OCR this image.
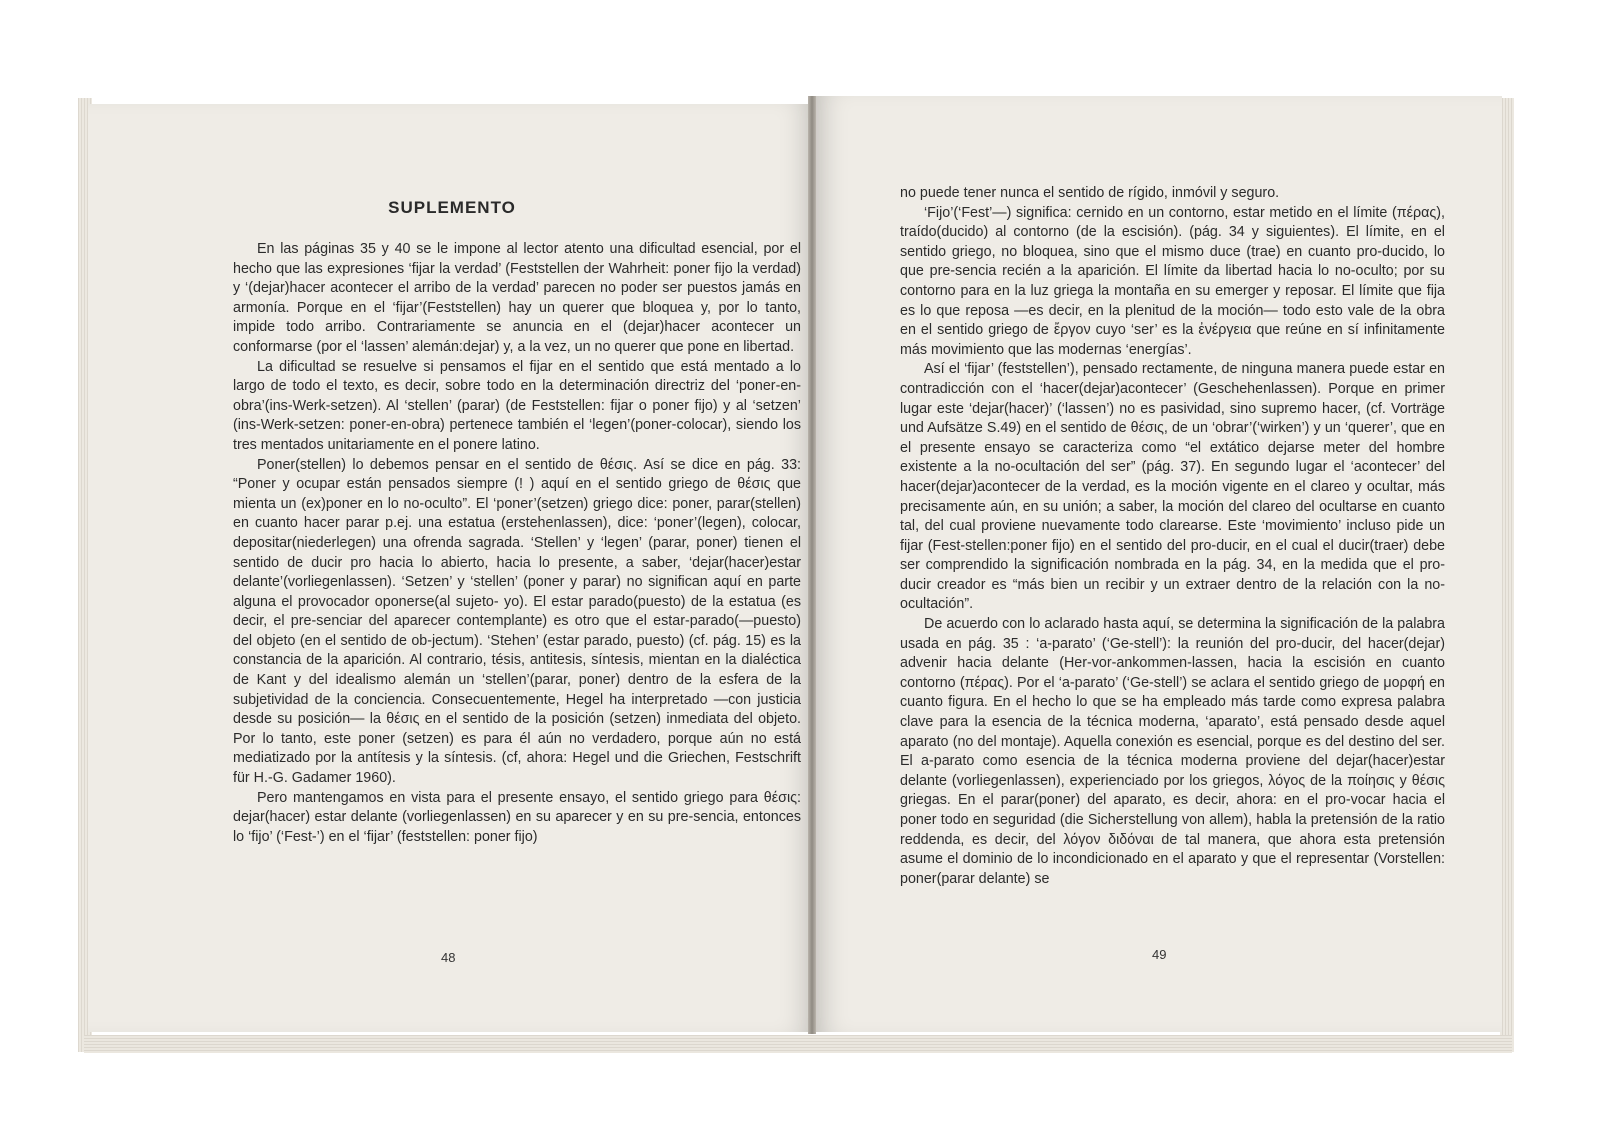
SUPLEMENTO

En las páginas 35 y 40 se le impone al lector atento una dificultad esencial, por el hecho que las expresiones ‘fijar la verdad’ (Feststellen der Wahrheit: poner fijo la verdad) y ‘(dejar)hacer acontecer el arribo de la verdad’ parecen no poder ser puestos jamás en armonía. Porque en el ‘fijar’(Feststellen) hay un querer que bloquea y, por lo tanto, impide todo arribo. Contrariamente se anuncia en el (dejar)hacer acontecer un conformarse (por el ‘lassen’ alemán:dejar) y, a la vez, un no querer que pone en libertad.

La dificultad se resuelve si pensamos el fijar en el sentido que está mentado a lo largo de todo el texto, es decir, sobre todo en la determinación directriz del ‘poner-en-obra’(ins-Werk-setzen). Al ‘stellen’ (parar) (de Feststellen: fijar o poner fijo) y al ‘setzen’ (ins-Werk-setzen: poner-en-obra) pertenece también el ‘legen’(poner-colocar), siendo los tres mentados unitariamente en el ponere latino.

Poner(stellen) lo debemos pensar en el sentido de θέσις. Así se dice en pág. 33: “Poner y ocupar están pensados siempre (! ) aquí en el sentido griego de θέσις que mienta un (ex)poner en lo no-oculto”. El ‘poner’(setzen) griego dice: poner, parar(stellen) en cuanto hacer parar p.ej. una estatua (erstehenlassen), dice: ‘poner’(legen), colocar, depositar(niederlegen) una ofrenda sagrada. ‘Stellen’ y ‘legen’ (parar, poner) tienen el sentido de ducir pro hacia lo abierto, hacia lo presente, a saber, ‘dejar(hacer)estar delante’(vorliegenlassen). ‘Setzen’ y ‘stellen’ (poner y parar) no significan aquí en parte alguna el provocador oponerse(al sujeto- yo). El estar parado(puesto) de la estatua (es decir, el pre-senciar del aparecer contemplante) es otro que el estar-parado(—puesto) del objeto (en el sentido de ob-jectum). ‘Stehen’ (estar parado, puesto) (cf. pág. 15) es la constancia de la aparición. Al contrario, tésis, antitesis, síntesis, mientan en la dialéctica de Kant y del idealismo alemán un ‘stellen’(parar, poner) dentro de la esfera de la subjetividad de la conciencia. Consecuentemente, Hegel ha interpretado —con justicia desde su posición— la θέσις en el sentido de la posición (setzen) inmediata del objeto. Por lo tanto, este poner (setzen) es para él aún no verdadero, porque aún no está mediatizado por la antítesis y la síntesis. (cf, ahora: Hegel und die Griechen, Festschrift für H.-G. Gadamer 1960).

Pero mantengamos en vista para el presente ensayo, el sentido griego para θέσις: dejar(hacer) estar delante (vorliegenlassen) en su aparecer y en su pre-sencia, entonces lo ‘fijo’ (‘Fest-’) en el ‘fijar’ (feststellen: poner fijo)

48

no puede tener nunca el sentido de rígido, inmóvil y seguro.

‘Fijo’(‘Fest’—) significa: cernido en un contorno, estar metido en el límite (πέρας), traído(ducido) al contorno (de la escisión). (pág. 34 y siguientes). El límite, en el sentido griego, no bloquea, sino que el mismo duce (trae) en cuanto pro-ducido, lo que pre-sencia recién a la aparición. El límite da libertad hacia lo no-oculto; por su contorno para en la luz griega la montaña en su emerger y reposar. El límite que fija es lo que reposa —es decir, en la plenitud de la moción— todo esto vale de la obra en el sentido griego de ἔργον cuyo ‘ser’ es la ἐνέργεια que reúne en sí infinitamente más movimiento que las modernas ‘energías’.

Así el ‘fijar’ (feststellen’), pensado rectamente, de ninguna manera puede estar en contradicción con el ‘hacer(dejar)acontecer’ (Geschehenlassen). Porque en primer lugar este ‘dejar(hacer)’ (‘lassen’) no es pasividad, sino supremo hacer, (cf. Vorträge und Aufsätze S.49) en el sentido de θέσις, de un ‘obrar’(‘wirken’) y un ‘querer’, que en el presente ensayo se caracteriza como “el extático dejarse meter del hombre existente a la no-ocultación del ser” (pág. 37). En segundo lugar el ‘acontecer’ del hacer(dejar)acontecer de la verdad, es la moción vigente en el clareo y ocultar, más precisamente aún, en su unión; a saber, la moción del clareo del ocultarse en cuanto tal, del cual proviene nuevamente todo clarearse. Este ‘movimiento’ incluso pide un fijar (Fest-stellen:poner fijo) en el sentido del pro-ducir, en el cual el ducir(traer) debe ser comprendido la significación nombrada en la pág. 34, en la medida que el pro-ducir creador es “más bien un recibir y un extraer dentro de la relación con la no-ocultación”.

De acuerdo con lo aclarado hasta aquí, se determina la significación de la palabra usada en pág. 35 : ‘a-parato’ (‘Ge-stell’): la reunión del pro-ducir, del hacer(dejar) advenir hacia delante (Her-vor-ankommen-lassen, hacia la escisión en cuanto contorno (πέρας). Por el ‘a-parato’ (‘Ge-stell’) se aclara el sentido griego de μορφή en cuanto figura. En el hecho lo que se ha empleado más tarde como expresa palabra clave para la esencia de la técnica moderna, ‘aparato’, está pensado desde aquel aparato (no del montaje). Aquella conexión es esencial, porque es del destino del ser. El a-parato como esencia de la técnica moderna proviene del dejar(hacer)estar delante (vorliegenlassen), experienciado por los griegos, λόγος de la ποίησις y θέσις griegas. En el parar(poner) del aparato, es decir, ahora: en el pro-vocar hacia el poner todo en seguridad (die Sicherstellung von allem), habla la pretensión de la ratio reddenda, es decir, del λόγον διδόναι de tal manera, que ahora esta pretensión asume el dominio de lo incondicionado en el aparato y que el representar (Vorstellen: poner(parar delante) se

49
